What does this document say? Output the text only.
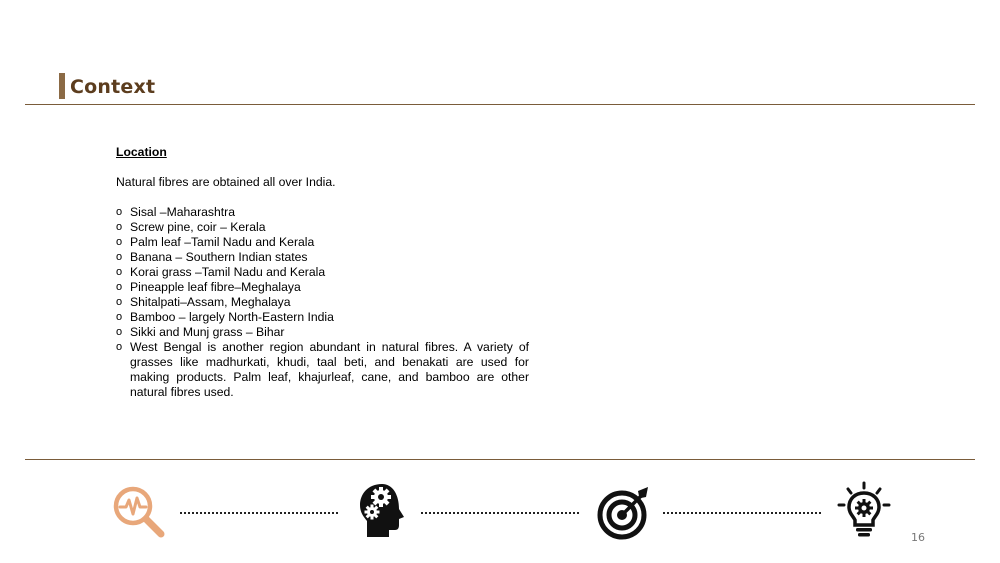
Context

Location

Natural fibres are obtained all over India.

o Sisal –Maharashtra
o Screw pine, coir – Kerala
o Palm leaf –Tamil Nadu and Kerala
o Banana – Southern Indian states
o Korai grass –Tamil Nadu and Kerala
o Pineapple leaf fibre–Meghalaya
o Shitalpati–Assam, Meghalaya
o Bamboo – largely North-Eastern India
o Sikki and Munj grass – Bihar
o West Bengal is another region abundant in natural fibres. A variety of grasses like madhurkati, khudi, taal beti, and benakati are used for making products. Palm leaf, khajurleaf, cane, and bamboo are other natural fibres used.
16
